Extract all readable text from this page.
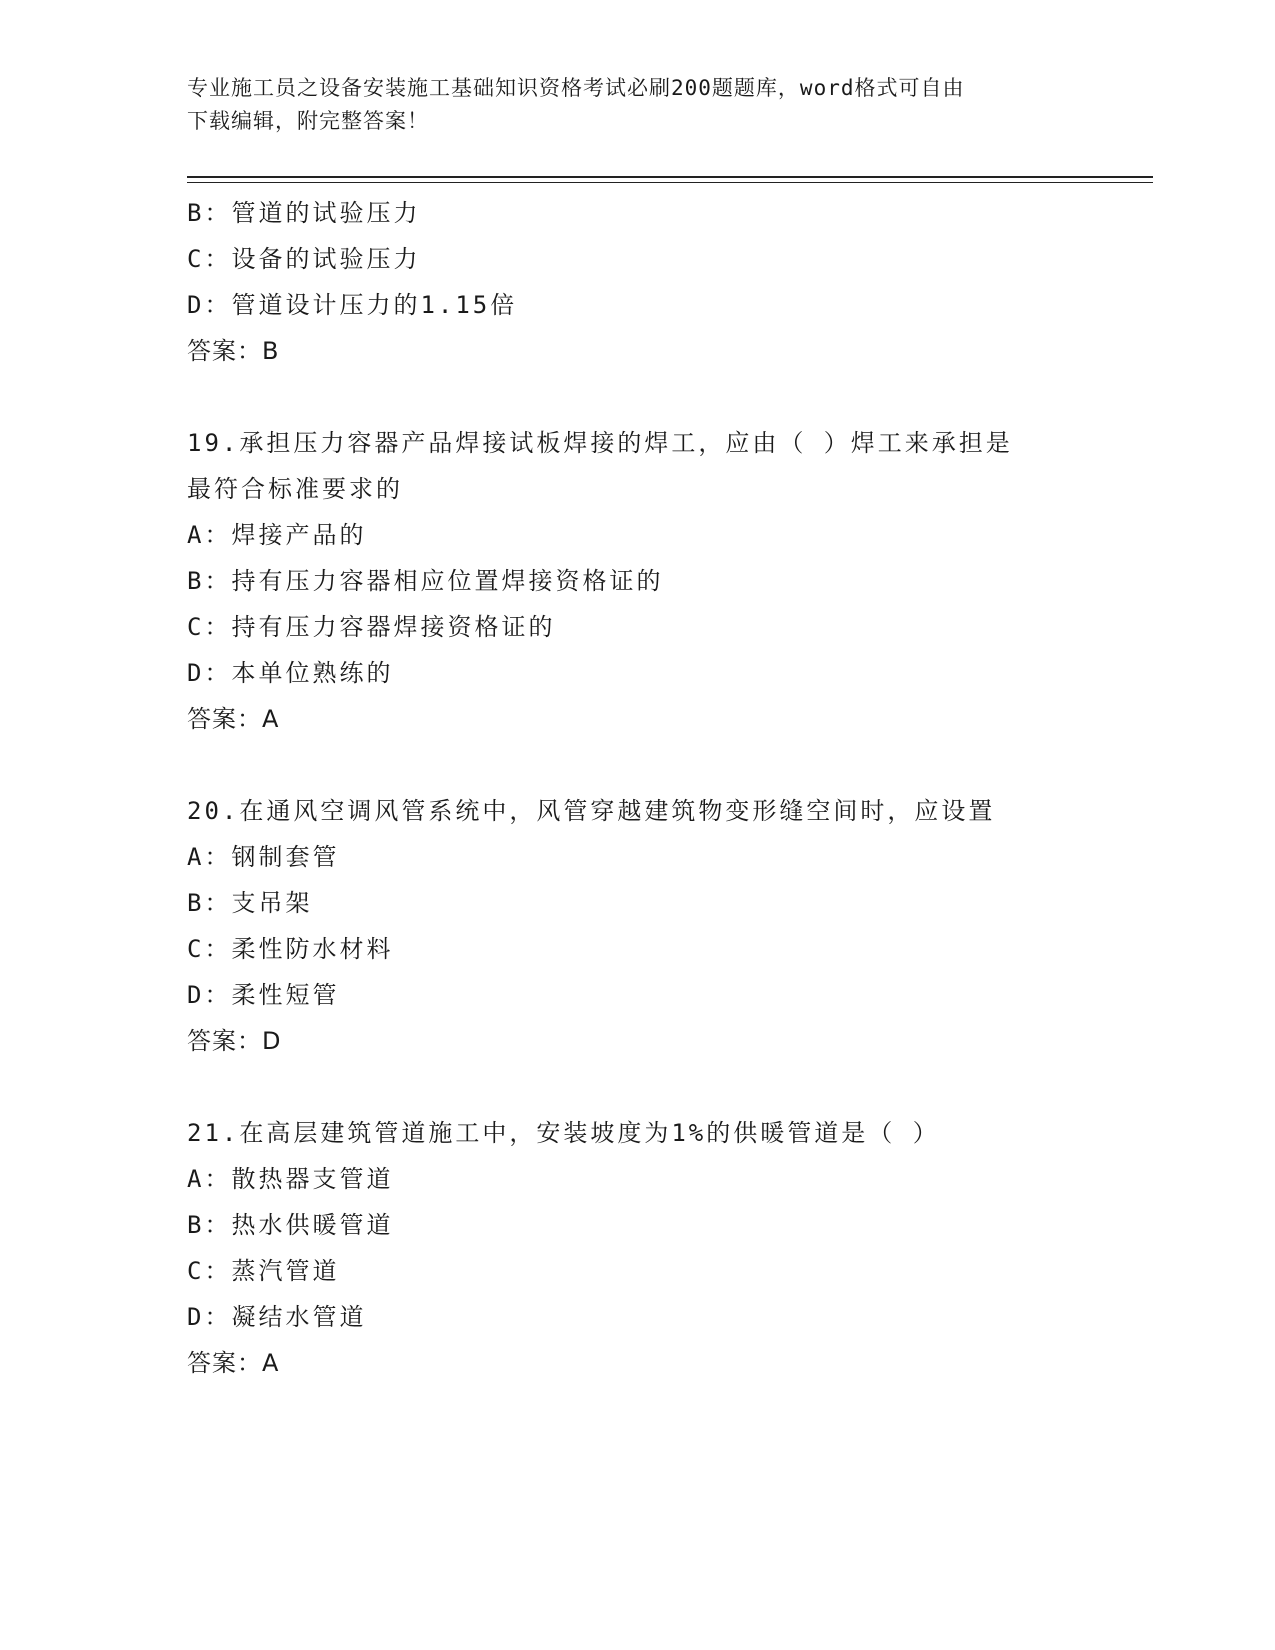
专业施工员之设备安装施工基础知识资格考试必刷200题题库，word格式可自由
下载编辑，附完整答案！
B：管道的试验压力
C：设备的试验压力
D：管道设计压力的1.15倍
答案：B
19.承担压力容器产品焊接试板焊接的焊工，应由（ ）焊工来承担是
最符合标准要求的
A：焊接产品的
B：持有压力容器相应位置焊接资格证的
C：持有压力容器焊接资格证的
D：本单位熟练的
答案：A
20.在通风空调风管系统中，风管穿越建筑物变形缝空间时，应设置
A：钢制套管
B：支吊架
C：柔性防水材料
D：柔性短管
答案：D
21.在高层建筑管道施工中，安装坡度为1%的供暖管道是（ ）
A：散热器支管道
B：热水供暖管道
C：蒸汽管道
D：凝结水管道
答案：A
